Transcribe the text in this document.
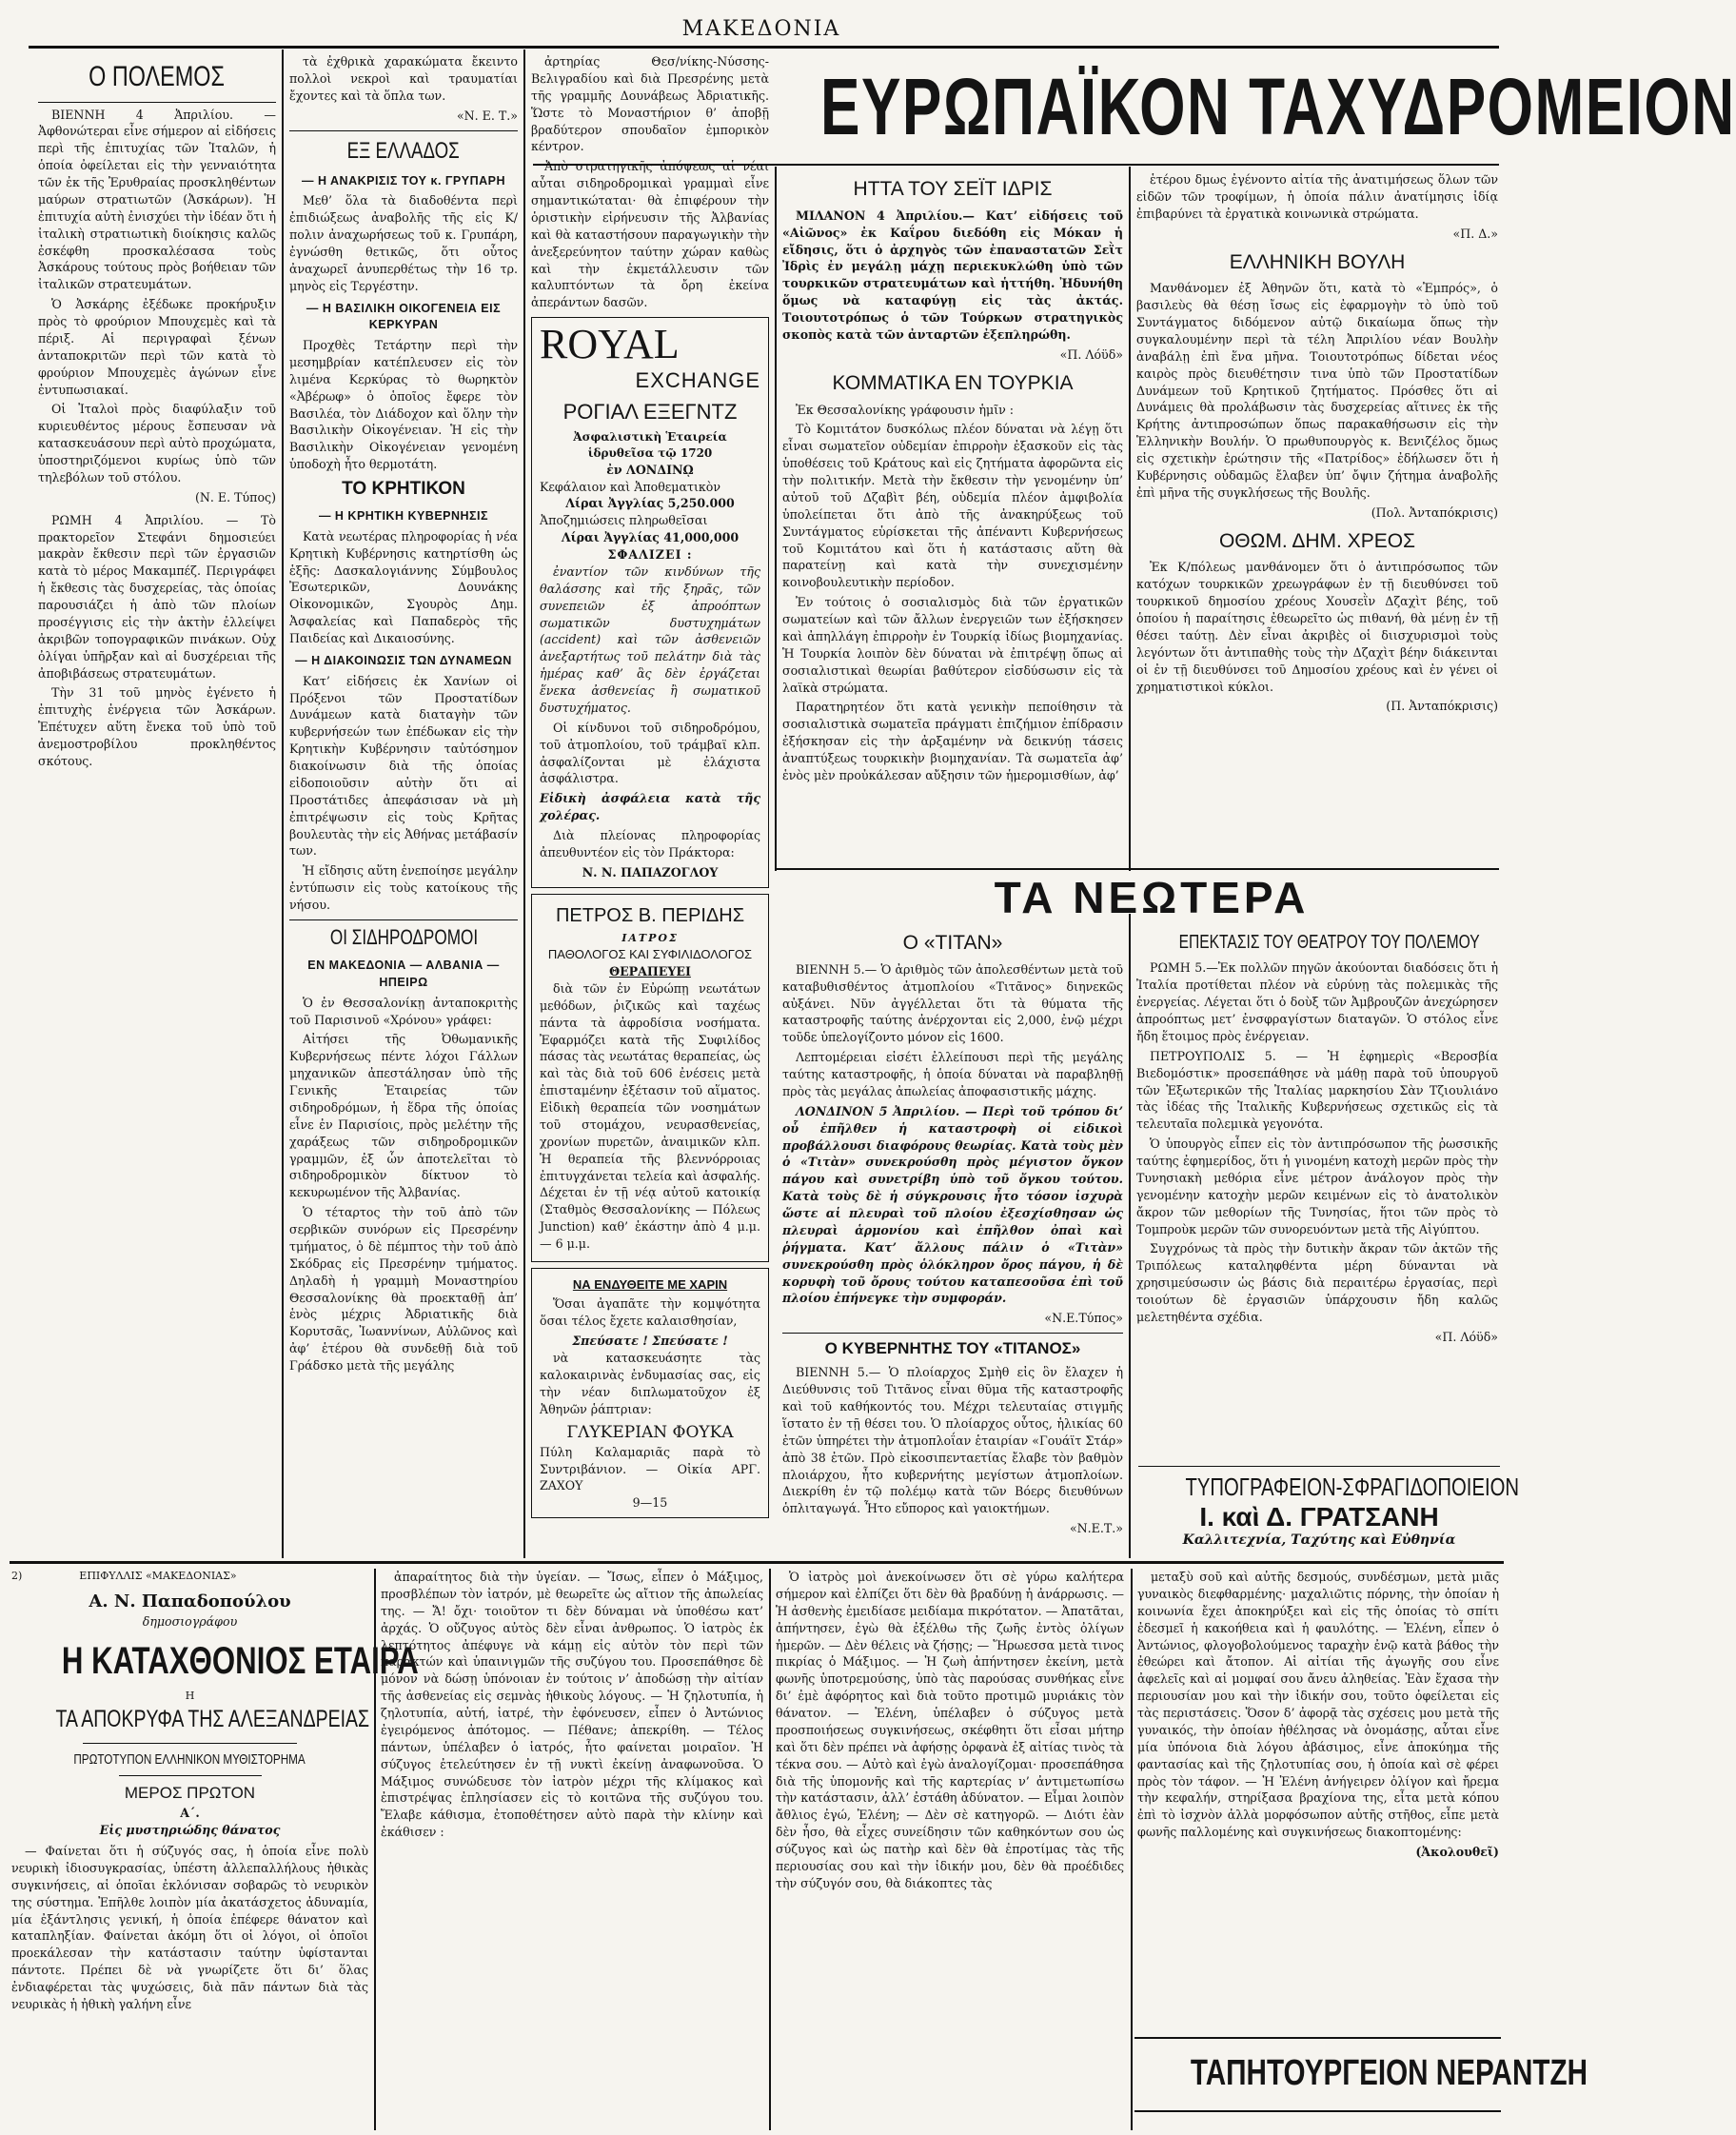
ΜΑΚΕΔΟΝΙΑ
Ο ΠΟΛΕΜΟΣ

ΒΙΕΝΝΗ 4 Ἀπριλίου. — Ἀφθονώτεραι εἶνε σήμερον αἱ εἰδήσεις περὶ τῆς ἐπιτυχίας τῶν Ἰταλῶν, ἡ ὁποία ὀφείλεται εἰς τὴν γενναιότητα τῶν ἐκ τῆς Ἐρυθραίας προσκληθέντων μαύρων στρατιωτῶν (Ἀσκάρων). Ἡ ἐπιτυχία αὐτὴ ἐνισχύει τὴν ἰδέαν ὅτι ἡ ἰταλικὴ στρατιωτικὴ διοίκησις καλῶς ἐσκέφθη προσκαλέσασα τοὺς Ἀσκάρους τούτους πρὸς βοήθειαν τῶν ἰταλικῶν στρατευμάτων.

Ὁ Ἀσκάρης ἐξέδωκε προκήρυξιν πρὸς τὸ φρούριον Μπουχεμὲς καὶ τὰ πέριξ. Αἱ περιγραφαὶ ξένων ἀνταποκριτῶν περὶ τῶν κατὰ τὸ φρούριον Μπουχεμὲς ἀγώνων εἶνε ἐντυπωσιακαί.

Οἱ Ἰταλοὶ πρὸς διαφύλαξιν τοῦ κυριευθέντος μέρους ἔσπευσαν νὰ κατασκευάσουν περὶ αὐτὸ προχώματα, ὑποστηριζόμενοι κυρίως ὑπὸ τῶν τηλεβόλων τοῦ στόλου.

(Ν. Ε. Τύπος)

ΡΩΜΗ 4 Ἀπριλίου. — Τὸ πρακτορεῖον Στεφάνι δημοσιεύει μακρὰν ἔκθεσιν περὶ τῶν ἐργασιῶν κατὰ τὸ μέρος Μακαμπέζ. Περιγράφει ἡ ἔκθεσις τὰς δυσχερείας, τὰς ὁποίας παρουσιάζει ἡ ἀπὸ τῶν πλοίων προσέγγισις εἰς τὴν ἀκτὴν ἐλλείψει ἀκριβῶν τοπογραφικῶν πινάκων. Οὐχ ὀλίγαι ὑπῆρξαν καὶ αἱ δυσχέρειαι τῆς ἀποβιβάσεως στρατευμάτων.

Τὴν 31 τοῦ μηνὸς ἐγένετο ἡ ἐπιτυχὴς ἐνέργεια τῶν Ἀσκάρων. Ἐπέτυχεν αὕτη ἕνεκα τοῦ ὑπὸ τοῦ ἀνεμοστροβίλου προκληθέντος σκότους.

τὰ ἐχθρικὰ χαρακώματα ἔκειντο πολλοὶ νεκροὶ καὶ τραυματίαι ἔχοντες καὶ τὰ ὅπλα των.

«Ν. Ε. Τ.»

ΕΞ ΕΛΛΑΔΟΣ
— Η ΑΝΑΚΡΙΣΙΣ ΤΟΥ κ. ΓΡΥΠΑΡΗ

Μεθ’ ὅλα τὰ διαδοθέντα περὶ ἐπιδιώξεως ἀναβολῆς τῆς εἰς Κ/πολιν ἀναχωρήσεως τοῦ κ. Γρυπάρη, ἐγνώσθη θετικῶς, ὅτι οὗτος ἀναχωρεῖ ἀνυπερθέτως τὴν 16 τρ. μηνὸς εἰς Τεργέστην.

— Η ΒΑΣΙΛΙΚΗ ΟΙΚΟΓΕΝΕΙΑ ΕΙΣ ΚΕΡΚΥΡΑΝ

Προχθὲς Τετάρτην περὶ τὴν μεσημβρίαν κατέπλευσεν εἰς τὸν λιμένα Κερκύρας τὸ θωρηκτὸν «Ἀβέρωφ» ὁ ὁποῖος ἔφερε τὸν Βασιλέα, τὸν Διάδοχον καὶ ὅλην τὴν Βασιλικὴν Οἰκογένειαν. Ἡ εἰς τὴν Βασιλικὴν Οἰκογένειαν γενομένη ὑποδοχὴ ἦτο θερμοτάτη.

ΤΟ ΚΡΗΤΙΚΟΝ
— Η ΚΡΗΤΙΚΗ ΚΥΒΕΡΝΗΣΙΣ

Κατὰ νεωτέρας πληροφορίας ἡ νέα Κρητικὴ Κυβέρνησις κατηρτίσθη ὡς ἑξῆς: Δασκαλογιάννης Σύμβουλος Ἐσωτερικῶν, Δουνάκης Οἰκονομικῶν, Σγουρὸς Δημ. Ἀσφαλείας καὶ Παπαδερὸς τῆς Παιδείας καὶ Δικαιοσύνης.

— Η ΔΙΑΚΟΙΝΩΣΙΣ ΤΩΝ ΔΥΝΑΜΕΩΝ

Κατ’ εἰδήσεις ἐκ Χανίων οἱ Πρόξενοι τῶν Προστατίδων Δυνάμεων κατὰ διαταγὴν τῶν κυβερνήσεών των ἐπέδωκαν εἰς τὴν Κρητικὴν Κυβέρνησιν ταὐτόσημον διακοίνωσιν διὰ τῆς ὁποίας εἰδοποιοῦσιν αὐτὴν ὅτι αἱ Προστάτιδες ἀπεφάσισαν νὰ μὴ ἐπιτρέψωσιν εἰς τοὺς Κρῆτας βουλευτὰς τὴν εἰς Ἀθήνας μετάβασίν των.

Ἡ εἴδησις αὕτη ἐνεποίησε μεγάλην ἐντύπωσιν εἰς τοὺς κατοίκους τῆς νήσου.

ΟΙ ΣΙΔΗΡΟΔΡΟΜΟΙ
ΕΝ ΜΑΚΕΔΟΝΙΑ — ΑΛΒΑΝΙΑ — ΗΠΕΙΡΩ

Ὁ ἐν Θεσσαλονίκῃ ἀνταποκριτὴς τοῦ Παρισινοῦ «Χρόνου» γράφει:

Αἰτήσει τῆς Ὀθωμανικῆς Κυβερνήσεως πέντε λόχοι Γάλλων μηχανικῶν ἀπεστάλησαν ὑπὸ τῆς Γενικῆς Ἑταιρείας τῶν σιδηροδρόμων, ἡ ἕδρα τῆς ὁποίας εἶνε ἐν Παρισίοις, πρὸς μελέτην τῆς χαράξεως τῶν σιδηροδρομικῶν γραμμῶν, ἐξ ὧν ἀποτελεῖται τὸ σιδηροδρομικὸν δίκτυον τὸ κεκυρωμένον τῆς Ἀλβανίας.

Ὁ τέταρτος τὴν τοῦ ἀπὸ τῶν σερβικῶν συνόρων εἰς Πρεσρένην τμήματος, ὁ δὲ πέμπτος τὴν τοῦ ἀπὸ Σκόδρας εἰς Πρεσρένην τμήματος. Δηλαδὴ ἡ γραμμὴ Μοναστηρίου Θεσσαλονίκης θὰ προεκταθῇ ἀπ’ ἑνὸς μέχρις Ἀδριατικῆς διὰ Κορυτσᾶς, Ἰωαννίνων, Αὐλῶνος καὶ ἀφ’ ἑτέρου θὰ συνδεθῇ διὰ τοῦ Γράδσκο μετὰ τῆς μεγάλης

ἀρτηρίας Θεσ/νίκης-Νύσσης-Βελιγραδίου καὶ διὰ Πρεσρένης μετὰ τῆς γραμμῆς Δουνάβεως Ἀδριατικῆς. Ὥστε τὸ Μοναστήριον θ’ ἀποβῇ βραδύτερον σπουδαῖον ἐμπορικὸν κέντρον.

Ἀπὸ στρατηγικῆς ἀπόψεως αἱ νέαι αὗται σιδηροδρομικαὶ γραμμαὶ εἶνε σημαντικώταται· θὰ ἐπιφέρουν τὴν ὁριστικὴν εἰρήνευσιν τῆς Ἀλβανίας καὶ θὰ καταστήσουν παραγωγικὴν τὴν ἀνεξερεύνητον ταύτην χώραν καθὼς καὶ τὴν ἐκμετάλλευσιν τῶν καλυπτόντων τὰ ὄρη ἐκείνα ἀπεράντων δασῶν.

ROYAL
EXCHANGE
ΡΟΓΙΑΛ ΕΞΕΓΝΤΖ
Ἀσφαλιστικὴ Ἑταιρεία ἱδρυθεῖσα τῷ 1720
ἐν ΛΟΝΔΙΝῼ
Κεφάλαιον καὶ Ἀποθεματικὸν
Λίραι Ἀγγλίας 5,250.000
Ἀποζημιώσεις πληρωθεῖσαι
Λίραι Ἀγγλίας 41,000,000
ΣΦΑΛΙΖΕΙ :

ἐναντίον τῶν κινδύνων τῆς θαλάσσης καὶ τῆς ξηρᾶς, τῶν συνεπειῶν ἐξ ἀπροόπτων σωματικῶν δυστυχημάτων (accident) καὶ τῶν ἀσθενειῶν ἀνεξαρτήτως τοῦ πελάτην διὰ τὰς ἡμέρας καθ’ ἃς δὲν ἐργάζεται ἕνεκα ἀσθενείας ἢ σωματικοῦ δυστυχήματος.

Οἱ κίνδυνοι τοῦ σιδηροδρόμου, τοῦ ἀτμοπλοίου, τοῦ τράμβαϊ κλπ. ἀσφαλίζονται μὲ ἐλάχιστα ἀσφάλιστρα.

Εἰδικὴ ἀσφάλεια κατὰ τῆς χολέρας.

Διὰ πλείονας πληροφορίας ἀπευθυντέον εἰς τὸν Πράκτορα:

Ν. Ν. ΠΑΠΑΖΟΓΛΟΥ
ΠΕΤΡΟΣ Β. ΠΕΡΙΔΗΣ
ΙΑΤΡΟΣ
ΠΑΘΟΛΟΓΟΣ ΚΑΙ ΣΥΦΙΛΙΔΟΛΟΓΟΣ
ΘΕΡΑΠΕΥΕΙ

διὰ τῶν ἐν Εὐρώπῃ νεωτάτων μεθόδων, ῥιζικῶς καὶ ταχέως πάντα τὰ ἀφροδίσια νοσήματα. Ἐφαρμόζει κατὰ τῆς Συφιλίδος πάσας τὰς νεωτάτας θεραπείας, ὡς καὶ τὰς διὰ τοῦ 606 ἐνέσεις μετὰ ἐπισταμένην ἐξέτασιν τοῦ αἵματος. Εἰδικὴ θεραπεία τῶν νοσημάτων τοῦ στομάχου, νευρασθενείας, χρονίων πυρετῶν, ἀναιμικῶν κλπ. Ἡ θεραπεία τῆς βλεννόρροιας ἐπιτυγχάνεται τελεία καὶ ἀσφαλής. Δέχεται ἐν τῇ νέᾳ αὐτοῦ κατοικίᾳ (Σταθμὸς Θεσσαλονίκης — Πόλεως Junction) καθ’ ἑκάστην ἀπὸ 4 μ.μ. — 6 μ.μ.

ΝΑ ΕΝΔΥΘΕΙΤΕ ΜΕ ΧΑΡΙΝ

Ὅσαι ἀγαπᾶτε τὴν κομψότητα ὅσαι τέλος ἔχετε καλαισθησίαν,

Σπεύσατε ! Σπεύσατε !

νὰ κατασκευάσητε τὰς καλοκαιρινὰς ἐνδυμασίας σας, εἰς τὴν νέαν διπλωματοῦχον ἐξ Ἀθηνῶν ῥάπτριαν:

ΓΛΥΚΕΡΙΑΝ ΦΟΥΚΑ
Πύλη Καλαμαριᾶς παρὰ τὸ Συντριβάνιον. — Οἰκία ΑΡΓ. ΖΑΧΟΥ
9—15
ΕΥΡΩΠΑΪΚΟΝ ΤΑΧΥΔΡΟΜΕΙΟΝ
ΗΤΤΑ ΤΟΥ ΣΕΪΤ ΙΔΡΙΣ

ΜΙΛΑΝΟΝ 4 Ἀπριλίου.— Κατ’ εἰδήσεις τοῦ «Αἰῶνος» ἐκ Καΐρου διεδόθη εἰς Μόκαν ἡ εἴδησις, ὅτι ὁ ἀρχηγὸς τῶν ἐπαναστατῶν Σεῒτ Ἰδρὶς ἐν μεγάλῃ μάχῃ περιεκυκλώθη ὑπὸ τῶν τουρκικῶν στρατευμάτων καὶ ἡττήθη. Ἠδυνήθη ὅμως νὰ καταφύγῃ εἰς τὰς ἀκτάς. Τοιουτοτρόπως ὁ τῶν Τούρκων στρατηγικὸς σκοπὸς κατὰ τῶν ἀνταρτῶν ἐξεπληρώθη.

«Π. Λόϋδ»

ΚΟΜΜΑΤΙΚΑ ΕΝ ΤΟΥΡΚΙΑ

Ἐκ Θεσσαλονίκης γράφουσιν ἡμῖν :

Τὸ Κομιτάτον δυσκόλως πλέον δύναται νὰ λέγῃ ὅτι εἶναι σωματεῖον οὐδεμίαν ἐπιρροὴν ἐξασκοῦν εἰς τὰς ὑποθέσεις τοῦ Κράτους καὶ εἰς ζητήματα ἀφορῶντα εἰς τὴν πολιτικήν. Μετὰ τὴν ἔκθεσιν τὴν γενομένην ὑπ’ αὐτοῦ τοῦ Δζαβὶτ βέη, οὐδεμία πλέον ἀμφιβολία ὑπολείπεται ὅτι ἀπὸ τῆς ἀνακηρύξεως τοῦ Συντάγματος εὑρίσκεται τῆς ἀπέναντι Κυβερνήσεως τοῦ Κομιτάτου καὶ ὅτι ἡ κατάστασις αὕτη θὰ παρατείνῃ καὶ κατὰ τὴν συνεχισμένην κοινοβουλευτικὴν περίοδον.

Ἐν τούτοις ὁ σοσιαλισμὸς διὰ τῶν ἐργατικῶν σωματείων καὶ τῶν ἄλλων ἐνεργειῶν των ἐξήσκησεν καὶ ἀπηλλάγη ἐπιρροὴν ἐν Τουρκίᾳ ἰδίως βιομηχανίας. Ἡ Τουρκία λοιπὸν δὲν δύναται νὰ ἐπιτρέψῃ ὅπως αἱ σοσιαλιστικαὶ θεωρίαι βαθύτερον εἰσδύσωσιν εἰς τὰ λαϊκὰ στρώματα.

Παρατηρητέον ὅτι κατὰ γενικὴν πεποίθησιν τὰ σοσιαλιστικὰ σωματεῖα πράγματι ἐπιζήμιον ἐπίδρασιν ἐξήσκησαν εἰς τὴν ἀρξαμένην νὰ δεικνύῃ τάσεις ἀναπτύξεως τουρκικὴν βιομηχανίαν. Τὰ σωματεῖα ἀφ’ ἑνὸς μὲν προὐκάλεσαν αὔξησιν τῶν ἡμερομισθίων, ἀφ’

ἑτέρου δμως ἐγένοντο αἰτία τῆς ἀνατιμήσεως ὅλων τῶν εἰδῶν τῶν τροφίμων, ἡ ὁποία πάλιν ἀνατίμησις ἰδίᾳ ἐπιβαρύνει τὰ ἐργατικὰ κοινωνικὰ στρώματα.

«Π. Δ.»

ΕΛΛΗΝΙΚΗ ΒΟΥΛΗ

Μανθάνομεν ἐξ Ἀθηνῶν ὅτι, κατὰ τὸ «Ἐμπρός», ὁ βασιλεὺς θὰ θέσῃ ἴσως εἰς ἐφαρμογὴν τὸ ὑπὸ τοῦ Συντάγματος διδόμενον αὐτῷ δικαίωμα ὅπως τὴν συγκαλουμένην περὶ τὰ τέλη Ἀπριλίου νέαν Βουλὴν ἀναβάλῃ ἐπὶ ἕνα μῆνα. Τοιουτοτρόπως δίδεται νέος καιρὸς πρὸς διευθέτησιν τινα ὑπὸ τῶν Προστατίδων Δυνάμεων τοῦ Κρητικοῦ ζητήματος. Πρόσθες ὅτι αἱ Δυνάμεις θὰ προλάβωσιν τὰς δυσχερείας αἵτινες ἐκ τῆς Κρήτης ἀντιπροσώπων ὅπως παρακαθήσωσιν εἰς τὴν Ἑλληνικὴν Βουλήν. Ὁ πρωθυπουργὸς κ. Βενιζέλος ὅμως εἰς σχετικὴν ἐρώτησιν τῆς «Πατρίδος» ἐδήλωσεν ὅτι ἡ Κυβέρνησις οὐδαμῶς ἔλαβεν ὑπ’ ὄψιν ζήτημα ἀναβολῆς ἐπὶ μῆνα τῆς συγκλήσεως τῆς Βουλῆς.

(Πολ. Ἀνταπόκρισις)

ΟΘΩΜ. ΔΗΜ. ΧΡΕΟΣ

Ἐκ Κ/πόλεως μανθάνομεν ὅτι ὁ ἀντιπρόσωπος τῶν κατόχων τουρκικῶν χρεωγράφων ἐν τῇ διευθύνσει τοῦ τουρκικοῦ δημοσίου χρέους Χουσεῒν Δζαχὶτ βέης, τοῦ ὁποίου ἡ παραίτησις ἐθεωρεῖτο ὡς πιθανή, θὰ μένῃ ἐν τῇ θέσει ταύτῃ. Δὲν εἶναι ἀκριβὲς οἱ διισχυρισμοὶ τοὺς λεγόντων ὅτι ἀντιπαθὴς τοὺς τὴν Δζαχὶτ βέην διάκεινται οἱ ἐν τῇ διευθύνσει τοῦ Δημοσίου χρέους καὶ ἐν γένει οἱ χρηματιστικοὶ κύκλοι.

(Π. Ἀνταπόκρισις)

ΤΑ ΝΕΩΤΕΡΑ
Ο «ΤΙΤΑΝ»

ΒΙΕΝΝΗ 5.— Ὁ ἀριθμὸς τῶν ἀπολεσθέντων μετὰ τοῦ καταβυθισθέντος ἀτμοπλοίου «Τιτᾶνος» διηνεκῶς αὐξάνει. Νῦν ἀγγέλλεται ὅτι τὰ θύματα τῆς καταστροφῆς ταύτης ἀνέρχονται εἰς 2,000, ἐνῷ μέχρι τοῦδε ὑπελογίζοντο μόνον εἰς 1600.

Λεπτομέρειαι εἰσέτι ἐλλείπουσι περὶ τῆς μεγάλης ταύτης καταστροφῆς, ἡ ὁποία δύναται νὰ παραβληθῇ πρὸς τὰς μεγάλας ἀπωλείας ἀποφασιστικῆς μάχης.

ΛΟΝΔΙΝΟΝ 5 Ἀπριλίου. — Περὶ τοῦ τρόπου δι’ οὗ ἐπῆλθεν ἡ καταστροφὴ οἱ εἰδικοὶ προβάλλουσι διαφόρους θεωρίας. Κατὰ τοὺς μὲν ὁ «Τιτὰν» συνεκρούσθη πρὸς μέγιστον ὄγκον πάγου καὶ συνετρίβη ὑπὸ τοῦ ὄγκου τούτου. Κατὰ τοὺς δὲ ἡ σύγκρουσις ἦτο τόσον ἰσχυρὰ ὥστε αἱ πλευραὶ τοῦ πλοίου ἐξεσχίσθησαν ὡς πλευραὶ ἁρμονίου καὶ ἐπῆλθον ὀπαὶ καὶ ῥήγματα. Κατ’ ἄλλους πάλιν ὁ «Τιτὰν» συνεκρούσθη πρὸς ὁλόκληρον ὄρος πάγου, ἡ δὲ κορυφὴ τοῦ ὄρους τούτου καταπεσοῦσα ἐπὶ τοῦ πλοίου ἐπήνεγκε τὴν συμφοράν.

«Ν.Ε.Τύπος»

Ο ΚΥΒΕΡΝΗΤΗΣ ΤΟΥ «ΤΙΤΑΝΟΣ»

ΒΙΕΝΝΗ 5.— Ὁ πλοίαρχος Σμὴθ εἰς ὃν ἔλαχεν ἡ Διεύθυνσις τοῦ Τιτᾶνος εἶναι θῦμα τῆς καταστροφῆς καὶ τοῦ καθήκοντός του. Μέχρι τελευταίας στιγμῆς ἵστατο ἐν τῇ θέσει του. Ὁ πλοίαρχος οὗτος, ἡλικίας 60 ἐτῶν ὑπηρέτει τὴν ἀτμοπλοΐαν ἑταιρίαν «Γουάϊτ Στάρ» ἀπὸ 38 ἐτῶν. Πρὸ εἰκοσιπενταετίας ἔλαβε τὸν βαθμὸν πλοιάρχου, ἦτο κυβερνήτης μεγίστων ἀτμοπλοίων. Διεκρίθη ἐν τῷ πολέμῳ κατὰ τῶν Βόερς διευθύνων ὁπλιταγωγά. Ἦτο εὔπορος καὶ γαιοκτήμων.

«Ν.Ε.Τ.»

ΕΠΕΚΤΑΣΙΣ ΤΟΥ ΘΕΑΤΡΟΥ ΤΟΥ ΠΟΛΕΜΟΥ

ΡΩΜΗ 5.—Ἐκ πολλῶν πηγῶν ἀκούονται διαδόσεις ὅτι ἡ Ἰταλία προτίθεται πλέον νὰ εὐρύνῃ τὰς πολεμικὰς τῆς ἐνεργείας. Λέγεται ὅτι ὁ δοὺξ τῶν Ἀμβρουζῶν ἀνεχώρησεν ἀπροόπτως μετ’ ἐνσφραγίστων διαταγῶν. Ὁ στόλος εἶνε ἤδη ἕτοιμος πρὸς ἐνέργειαν.

ΠΕΤΡΟΥΠΟΛΙΣ 5. — Ἡ ἐφημερὶς «Βεροσβία Βιεδομόστικ» προσεπάθησε νὰ μάθῃ παρὰ τοῦ ὑπουργοῦ τῶν Ἐξωτερικῶν τῆς Ἰταλίας μαρκησίου Σὰν Τζιουλιάνο τὰς ἰδέας τῆς Ἰταλικῆς Κυβερνήσεως σχετικῶς εἰς τὰ τελευταῖα πολεμικὰ γεγονότα.

Ὁ ὑπουργὸς εἶπεν εἰς τὸν ἀντιπρόσωπον τῆς ῥωσσικῆς ταύτης ἐφημερίδος, ὅτι ἡ γινομένη κατοχὴ μερῶν πρὸς τὴν Τυνησιακὴ μεθόρια εἶνε μέτρον ἀνάλογον πρὸς τὴν γενομένην κατοχὴν μερῶν κειμένων εἰς τὸ ἀνατολικὸν ἄκρον τῶν μεθορίων τῆς Τυνησίας, ἥτοι τῶν πρὸς τὸ Τομπροὺκ μερῶν τῶν συνορευόντων μετὰ τῆς Αἰγύπτου.

Συγχρόνως τὰ πρὸς τὴν δυτικὴν ἄκραν τῶν ἀκτῶν τῆς Τριπόλεως καταληφθέντα μέρη δύνανται νὰ χρησιμεύσωσιν ὡς βάσις διὰ περαιτέρω ἐργασίας, περὶ τοιούτων δὲ ἐργασιῶν ὑπάρχουσιν ἤδη καλῶς μελετηθέντα σχέδια.

«Π. Λόϋδ»

ΤΥΠΟΓΡΑΦΕΙΟΝ-ΣΦΡΑΓΙΔΟΠΟΙΕΙΟΝ
Ι. καὶ Δ. ΓΡΑΤΣΑΝΗ
Καλλιτεχνία, Ταχύτης καὶ Εὐθηνία
2)	ΕΠΙΦΥΛΛΙΣ «ΜΑΚΕΔΟΝΙΑΣ»
Α. Ν. Παπαδοπούλου
δημοσιογράφου
Η ΚΑΤΑΧΘΟΝΙΟΣ ΕΤΑΙΡΑ
Η
ΤΑ ΑΠΟΚΡΥΦΑ ΤΗΣ ΑΛΕΞΑΝΔΡΕΙΑΣ
ΠΡΩΤΟΤΥΠΟΝ ΕΛΛΗΝΙΚΟΝ ΜΥΘΙΣΤΟΡΗΜΑ
ΜΕΡΟΣ ΠΡΩΤΟΝ
Α΄.
Εἰς μυστηριώδης θάνατος

— Φαίνεται ὅτι ἡ σύζυγός σας, ἡ ὁποία εἶνε πολὺ νευρικὴ ἰδιοσυγκρασίας, ὑπέστη ἀλλεπαλλήλους ἠθικὰς συγκινήσεις, αἱ ὁποῖαι ἐκλόνισαν σοβαρῶς τὸ νευρικὸν της σύστημα. Ἐπῆλθε λοιπὸν μία ἀκατάσχετος ἀδυναμία, μία ἐξάντλησις γενική, ἡ ὁποία ἐπέφερε θάνατον καὶ καταπληξίαν. Φαίνεται ἀκόμη ὅτι οἱ λόγοι, οἱ ὁποῖοι προεκάλεσαν τὴν κατάστασιν ταύτην ὑφίστανται πάντοτε. Πρέπει δὲ νὰ γνωρίζετε ὅτι δι’ ὅλας ἐνδιαφέρεται τὰς ψυχώσεις, διὰ πᾶν πάντων διὰ τὰς νευρικὰς ἡ ἠθικὴ γαλήνη εἶνε

ἀπαραίτητος διὰ τὴν ὑγείαν. — Ἴσως, εἶπεν ὁ Μάξιμος, προσβλέπων τὸν ἰατρόν, μὲ θεωρεῖτε ὡς αἴτιον τῆς ἀπωλείας της. — Ἄ! ὄχι· τοιοῦτον τι δὲν δύναμαι νὰ ὑποθέσω κατ’ ἀρχάς. Ὁ οὔζυγος αὐτὸς δὲν εἶναι ἀνθρωπος. Ὁ ἰατρὸς ἐκ λεπτότητος ἀπέφυγε νὰ κάμῃ εἰς αὐτὸν τὸν περὶ τῶν παρακτών καὶ ὑπαινιγμῶν τῆς συζύγου του. Προσεπάθησε δὲ μόνον νὰ δώσῃ ὑπόνοιαν ἐν τούτοις ν’ ἀποδώσῃ τὴν αἰτίαν τῆς ἀσθενείας εἰς σεμνὰς ἠθικοὺς λόγους. — Ἡ ζηλοτυπία, ἡ ζηλοτυπία, αὐτή, ἰατρέ, τὴν ἐφόνευσεν, εἶπεν ὁ Ἀντώνιος ἐγειρόμενος ἀπότομος. — Πέθανε; ἀπεκρίθη. — Τέλος πάντων, ὑπέλαβεν ὁ ἰατρός, ἦτο φαίνεται μοιραῖον. Ἡ σύζυγος ἐτελεύτησεν ἐν τῇ νυκτὶ ἐκείνῃ ἀναφωνοῦσα. Ὁ Μάξιμος συνώδευσε τὸν ἰατρὸν μέχρι τῆς κλίμακος καὶ ἐπιστρέψας ἐπλησίασεν εἰς τὸ κοιτῶνα τῆς συζύγου του. Ἔλαβε κάθισμα, ἐτοποθέτησεν αὐτὸ παρὰ τὴν κλίνην καὶ ἐκάθισεν :

Ὁ ἰατρὸς μοὶ ἀνεκοίνωσεν ὅτι σὲ γύρω καλήτερα σήμερον καὶ ἐλπίζει ὅτι δὲν θὰ βραδύνῃ ἡ ἀνάρρωσις. — Ἡ ἀσθενὴς ἐμειδίασε μειδίαμα πικρότατον. — Ἀπατᾶται, ἀπήντησεν, ἐγὼ θὰ ἐξέλθω τῆς ζωῆς ἐντὸς ὀλίγων ἡμερῶν. — Δὲν θέλεις νὰ ζήσῃς; — Ἥρωεσσα μετὰ τινος πικρίας ὁ Μάξιμος. — Ἡ ζωὴ ἀπήντησεν ἐκείνη, μετὰ φωνῆς ὑποτρεμούσης, ὑπὸ τὰς παρούσας συνθήκας εἶνε δι’ ἐμὲ ἀφόρητος καὶ διὰ τοῦτο προτιμῶ μυριάκις τὸν θάνατον. — Ἐλένη, ὑπέλαβεν ὁ σύζυγος μετὰ προσποιήσεως συγκινήσεως, σκέφθητι ὅτι εἶσαι μήτηρ καὶ ὅτι δὲν πρέπει νὰ ἀφήσῃς ὀρφανὰ ἐξ αἰτίας τινὸς τὰ τέκνα σου. — Αὐτὸ καὶ ἐγὼ ἀναλογίζομαι· προσεπάθησα διὰ τῆς ὑπομονῆς καὶ τῆς καρτερίας ν’ ἀντιμετωπίσω τὴν κατάστασιν, ἀλλ’ ἐστάθη ἀδύνατον. — Εἶμαι λοιπὸν ἄθλιος ἐγώ, Ἐλένη; — Δὲν σὲ κατηγορῶ. — Διότι ἐὰν δὲν ἦσο, θὰ εἶχες συνείδησιν τῶν καθηκόντων σου ὡς σύζυγος καὶ ὡς πατὴρ καὶ δὲν θὰ ἐπροτίμας τὰς τῆς περιουσίας σου καὶ τὴν ἰδικήν μου, δὲν θὰ προέδιδες τὴν σύζυγόν σου, θὰ διάκοπτες τὰς

μεταξὺ σοῦ καὶ αὐτῆς δεσμούς, συνδέσμων, μετὰ μιᾶς γυναικὸς διεφθαρμένης· μαχαλιῶτις πόρνης, τὴν ὁποίαν ἡ κοινωνία ἔχει ἀποκηρύξει καὶ εἰς τῆς ὁποίας τὸ σπίτι ἐδεσμεῖ ἡ κακοήθεια καὶ ἡ φαυλότης. — Ἐλένη, εἶπεν ὁ Ἀντώνιος, φλογοβολούμενος ταραχὴν ἐνῷ κατὰ βάθος τὴν ἐθεώρει καὶ ἄτοπον. Αἱ αἰτίαι τῆς ἀγωγῆς σου εἶνε ἀφελεῖς καὶ αἱ μομφαί σου ἄνευ ἀληθείας. Ἐὰν ἔχασα τὴν περιουσίαν μου καὶ τὴν ἰδικήν σου, τοῦτο ὀφείλεται εἰς τὰς περιστάσεις. Ὅσον δ’ ἀφορᾷ τὰς σχέσεις μου μετὰ τῆς γυναικός, τὴν ὁποίαν ἠθέλησας νὰ ὀνομάσῃς, αὗται εἶνε μία ὑπόνοια διὰ λόγου ἀβάσιμος, εἶνε ἀποκύημα τῆς φαντασίας καὶ τῆς ζηλοτυπίας σου, ἡ ὁποία καὶ σὲ φέρει πρὸς τὸν τάφον. — Ἡ Ἐλένη ἀνήγειρεν ὀλίγον καὶ ἤρεμα τὴν κεφαλήν, στηρίξασα βραχίονα της, εἶτα μετὰ κόπου ἐπὶ τὸ ἰσχνὸν ἀλλὰ μορφόσωπον αὐτῆς στῆθος, εἶπε μετὰ φωνῆς παλλομένης καὶ συγκινήσεως διακοπτομένης:

(Ἀκολουθεῖ)

ΤΑΠΗΤΟΥΡΓΕΙΟΝ ΝΕΡΑΝΤΖΗ
